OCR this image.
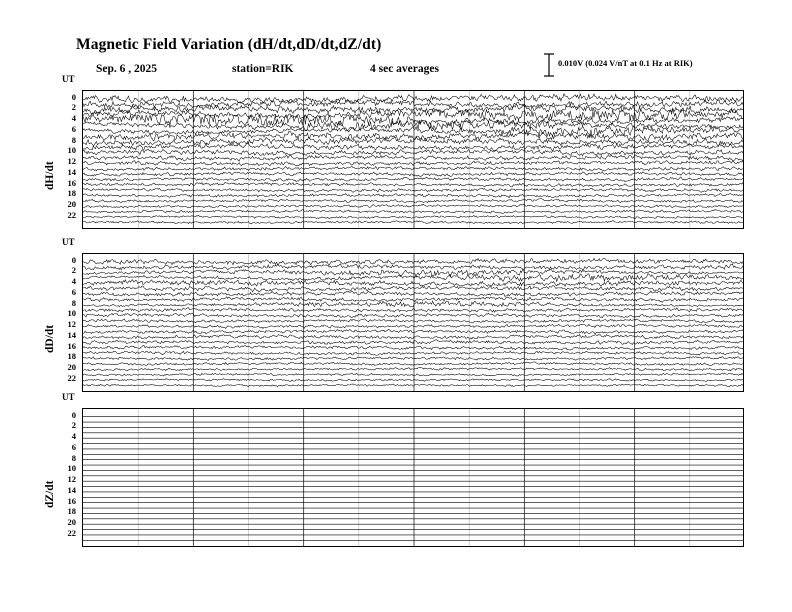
Magnetic Field Variation (dH/dt,dD/dt,dZ/dt)
Sep. 6 , 2025	station=RIK	4 sec averages	0.010V (0.024 V/nT at 0.1 Hz at RIK)
UT
dH/dt
UT
dD/dt
UT
dZ/dt
0
2
4
6
8
10
12
14
16
18
20
22
0
2
4
6
8
10
12
14
16
18
20
22
0
2
4
6
8
10
12
14
16
18
20
22
